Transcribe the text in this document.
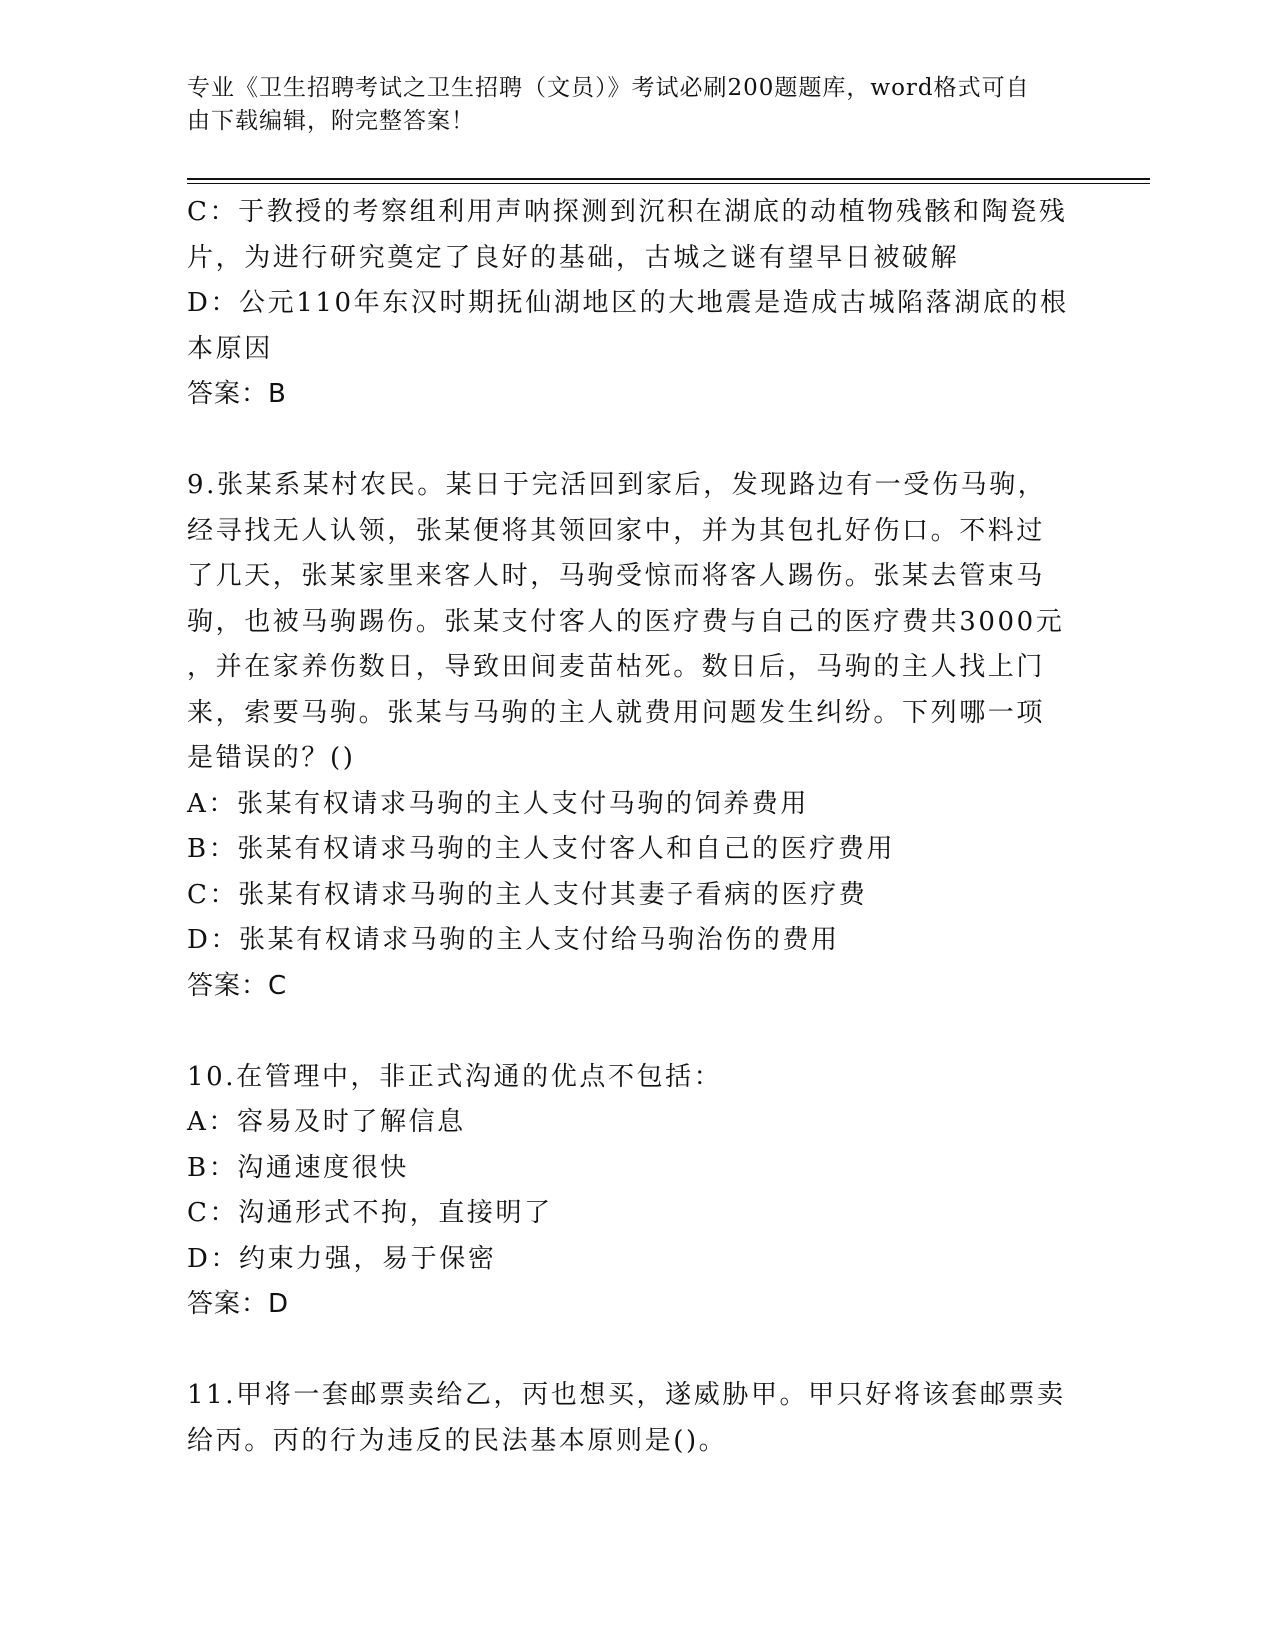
专业《卫生招聘考试之卫生招聘（文员）》考试必刷200题题库，word格式可自
由下载编辑，附完整答案！
C：于教授的考察组利用声呐探测到沉积在湖底的动植物残骸和陶瓷残
片，为进行研究奠定了良好的基础，古城之谜有望早日被破解
D：公元110年东汉时期抚仙湖地区的大地震是造成古城陷落湖底的根
本原因
答案：B
9.张某系某村农民。某日于完活回到家后，发现路边有一受伤马驹，
经寻找无人认领，张某便将其领回家中，并为其包扎好伤口。不料过
了几天，张某家里来客人时，马驹受惊而将客人踢伤。张某去管束马
驹，也被马驹踢伤。张某支付客人的医疗费与自己的医疗费共3000元
，并在家养伤数日，导致田间麦苗枯死。数日后，马驹的主人找上门
来，索要马驹。张某与马驹的主人就费用问题发生纠纷。下列哪一项
是错误的？()
A：张某有权请求马驹的主人支付马驹的饲养费用
B：张某有权请求马驹的主人支付客人和自己的医疗费用
C：张某有权请求马驹的主人支付其妻子看病的医疗费
D：张某有权请求马驹的主人支付给马驹治伤的费用
答案：C
10.在管理中，非正式沟通的优点不包括：
A：容易及时了解信息
B：沟通速度很快
C：沟通形式不拘，直接明了
D：约束力强，易于保密
答案：D
11.甲将一套邮票卖给乙，丙也想买，遂威胁甲。甲只好将该套邮票卖
给丙。丙的行为违反的民法基本原则是()。
